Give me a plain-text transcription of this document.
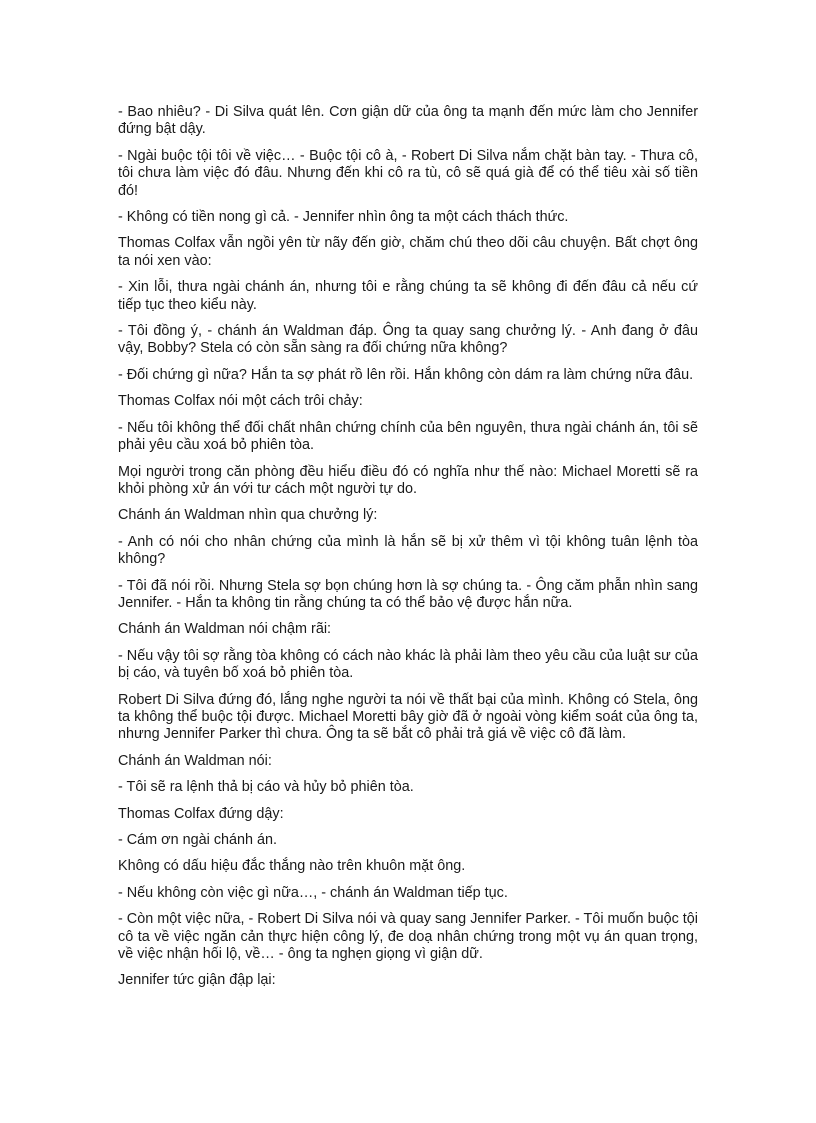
- Bao nhiêu? - Di Silva quát lên. Cơn giận dữ của ông ta mạnh đến mức làm cho Jennifer đứng bật dậy.

- Ngài buộc tội tôi về việc… - Buộc tội cô à, - Robert Di Silva nắm chặt bàn tay. - Thưa cô, tôi chưa làm việc đó đâu. Nhưng đến khi cô ra tù, cô sẽ quá già để có thể tiêu xài số tiền đó!

- Không có tiền nong gì cả. - Jennifer nhìn ông ta một cách thách thức.

Thomas Colfax vẫn ngồi yên từ nãy đến giờ, chăm chú theo dõi câu chuyện. Bất chợt ông ta nói xen vào:

- Xin lỗi, thưa ngài chánh án, nhưng tôi e rằng chúng ta sẽ không đi đến đâu cả nếu cứ tiếp tục theo kiểu này.

- Tôi đồng ý, - chánh án Waldman đáp. Ông ta quay sang chưởng lý. - Anh đang ở đâu vậy, Bobby? Stela có còn sẵn sàng ra đối chứng nữa không?

- Đối chứng gì nữa? Hắn ta sợ phát rồ lên rồi. Hắn không còn dám ra làm chứng nữa đâu.

Thomas Colfax nói một cách trôi chảy:

- Nếu tôi không thể đối chất nhân chứng chính của bên nguyên, thưa ngài chánh án, tôi sẽ phải yêu cầu xoá bỏ phiên tòa.

Mọi người trong căn phòng đều hiểu điều đó có nghĩa như thế nào: Michael Moretti sẽ ra khỏi phòng xử án với tư cách một người tự do.

Chánh án Waldman nhìn qua chưởng lý:

- Anh có nói cho nhân chứng của mình là hắn sẽ bị xử thêm vì tội không tuân lệnh tòa không?

- Tôi đã nói rồi. Nhưng Stela sợ bọn chúng hơn là sợ chúng ta. - Ông căm phẫn nhìn sang Jennifer. - Hắn ta không tin rằng chúng ta có thể bảo vệ được hắn nữa.

Chánh án Waldman nói chậm rãi:

- Nếu vậy tôi sợ rằng tòa không có cách nào khác là phải làm theo yêu cầu của luật sư của bị cáo, và tuyên bố xoá bỏ phiên tòa.

Robert Di Silva đứng đó, lắng nghe người ta nói về thất bại của mình. Không có Stela, ông ta không thể buộc tội được. Michael Moretti bây giờ đã ở ngoài vòng kiểm soát của ông ta, nhưng Jennifer Parker thì chưa. Ông ta sẽ bắt cô phải trả giá về việc cô đã làm.

Chánh án Waldman nói:

- Tôi sẽ ra lệnh thả bị cáo và hủy bỏ phiên tòa.

Thomas Colfax đứng dậy:

- Cám ơn ngài chánh án.

Không có dấu hiệu đắc thắng nào trên khuôn mặt ông.

- Nếu không còn việc gì nữa…, - chánh án Waldman tiếp tục.

- Còn một việc nữa, - Robert Di Silva nói và quay sang Jennifer Parker. - Tôi muốn buộc tội cô ta về việc ngăn cản thực hiện công lý, đe doạ nhân chứng trong một vụ án quan trọng, về việc nhận hối lộ, về… - ông ta nghẹn giọng vì giận dữ.

Jennifer tức giận đập lại:
